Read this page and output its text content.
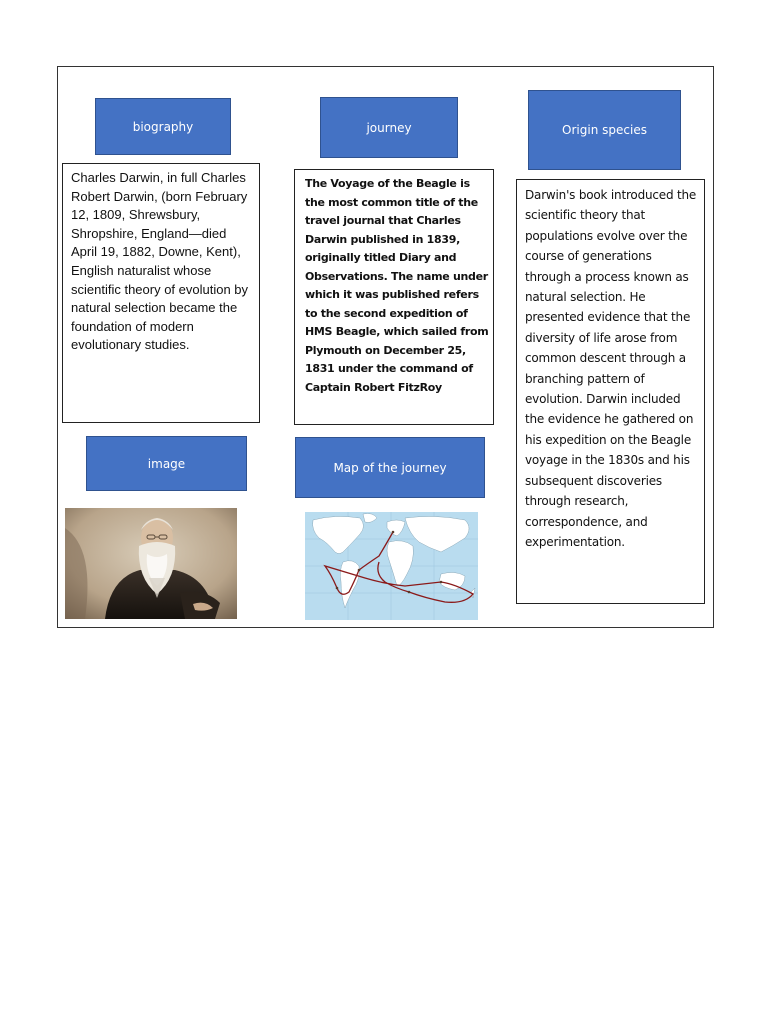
biography	journey	Origin species
image	Map of the journey
Charles Darwin, in full Charles Robert Darwin, (born February 12, 1809, Shrewsbury, Shropshire, England—died April 19, 1882, Downe, Kent), English naturalist whose scientific theory of evolution by natural selection became the foundation of modern evolutionary studies.
The Voyage of the Beagle is the most common title of the travel journal that Charles Darwin published in 1839, originally titled Diary and Observations. The name under which it was published refers to the second expedition of HMS Beagle, which sailed from Plymouth on December 25, 1831 under the command of Captain Robert FitzRoy
Darwin's book introduced the scientific theory that populations evolve over the course of generations through a process known as natural selection. He presented evidence that the diversity of life arose from common descent through a branching pattern of evolution. Darwin included the evidence he gathered on his expedition on the Beagle voyage in the 1830s and his subsequent discoveries through research, correspondence, and experimentation.
